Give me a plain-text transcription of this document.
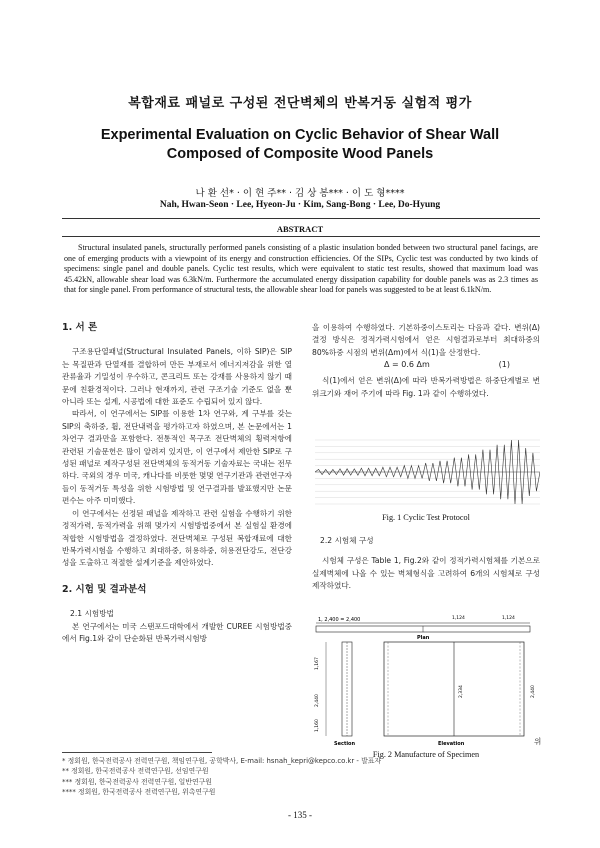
복합재료 패널로 구성된 전단벽체의 반복거동 실험적 평가
Experimental Evaluation on Cyclic Behavior of Shear Wall
Composed of Composite Wood Panels
나 환 선* · 이 현 주** · 김 상 봉*** · 이 도 형****
Nah, Hwan-Seon · Lee, Hyeon-Ju · Kim, Sang-Bong · Lee, Do-Hyung
ABSTRACT
Structural insulated panels, structurally performed panels consisting of a plastic insulation bonded between two structural panel facings, are one of emerging products with a viewpoint of its energy and construction efficiencies. Of the SIPs, Cyclic test was conducted by two kinds of specimens: single panel and double panels. Cyclic test results, which were equivalent to static test results, showed that maximum load was 45.42kN, allowable shear load was 6.3kN/m. Furthermore the accumulated energy dissipation capability for double panels was as 2.3 times as that for single panel. From performance of structural tests, the allowable shear load for panels was suggested to be at least 6.1kN/m.
1. 서 론

구조용단열패널(Structural Insulated Panels, 이하 SIP)은 SIP는 목질판과 단열재를 결합하여 만든 부재로서 에너지저감을 위한 열관류율과 기밀성이 우수하고, 콘크리트 또는 강재를 사용하지 않기 때문에 친환경적이다. 그러나 현재까지, 관련 구조기술 기준도 없을 뿐 아니라 또는 설계, 시공법에 대한 표준도 수립되어 있지 않다.

따라서, 이 연구에서는 SIP를 이용한 1차 연구와, 계 구부를 갖는 SIP의 축하중, 휨, 전단내력을 평가하고자 하였으며, 본 논문에서는 1차연구 결과만을 포함한다. 전통적인 목구조 전단벽체의 횡력저항에 관련된 기술문헌은 많이 알려져 있지만, 이 연구에서 제안한 SIP로 구성된 패널로 제작구성된 전단벽체의 동적거동 기술자료는 국내는 전무하다. 국외의 경우 미국, 캐나다를 비롯한 몇몇 연구기관과 관련연구자들이 동적거동 특성을 위한 시험방법 및 연구결과를 발표했지만 논문편수는 아주 미미했다.

이 연구에서는 선정된 패널을 제작하고 관련 실험을 수행하기 위한 정적가력, 동적가력을 위해 몇가지 시험방법중에서 본 실험실 환경에 적합한 시험방법을 결정하였다. 전단벽체로 구성된 복합재료에 대한 반복가력시험을 수행하고 최대하중, 허용하중, 허용전단강도, 전단강성을 도출하고 적절한 설계기준을 제안하였다.

2. 시험 및 결과분석
2.1 시험방법

본 연구에서는 미국 스탠포드대학에서 개발한 CUREE 시험방법중에서 Fig.1와 같이 단순화된 반복가력시험방

을 이용하여 수행하였다. 기본하중이스토리는 다음과 같다. 변위(Δ) 결정 방식은 정적가력시험에서 얻은 시험결과로부터 최대하중의 80%하중 시점의 변위(Δm)에서 식(1)을 산정한다.

Δ = 0.6 Δm	(1)

식(1)에서 얻은 변위(Δ)에 따라 반복가력방법은 하중단계별로 변위크기와 재어 주기에 따라 Fig. 1과 같이 수행하였다.

Fig. 1 Cyclic Test Protocol
2.2 시험체 구성

시험체 구성은 Table 1, Fig.2와 같이 정적가력시험체를 기본으로 실제벽체에 나올 수 있는 벽체형식을 고려하여 6개의 시험체로 구성 제작하였다.

1, 2,400 = 2,400	1,124	1,124
Plan
1,167
2,440
1,160
Section
2,334	2,440
Elevation	위
Fig. 2 Manufacture of Specimen
* 정회원, 한국전력공사 전력연구원, 책임연구원, 공학박사, E-mail: hsnah_kepri@kepco.co.kr - 발표자
** 정회원, 한국전력공사 전력연구원, 선임연구원
*** 정회원, 한국전력공사 전력연구원, 일반연구원
**** 정회원, 한국전력공사 전력연구원, 위촉연구원
- 135 -
